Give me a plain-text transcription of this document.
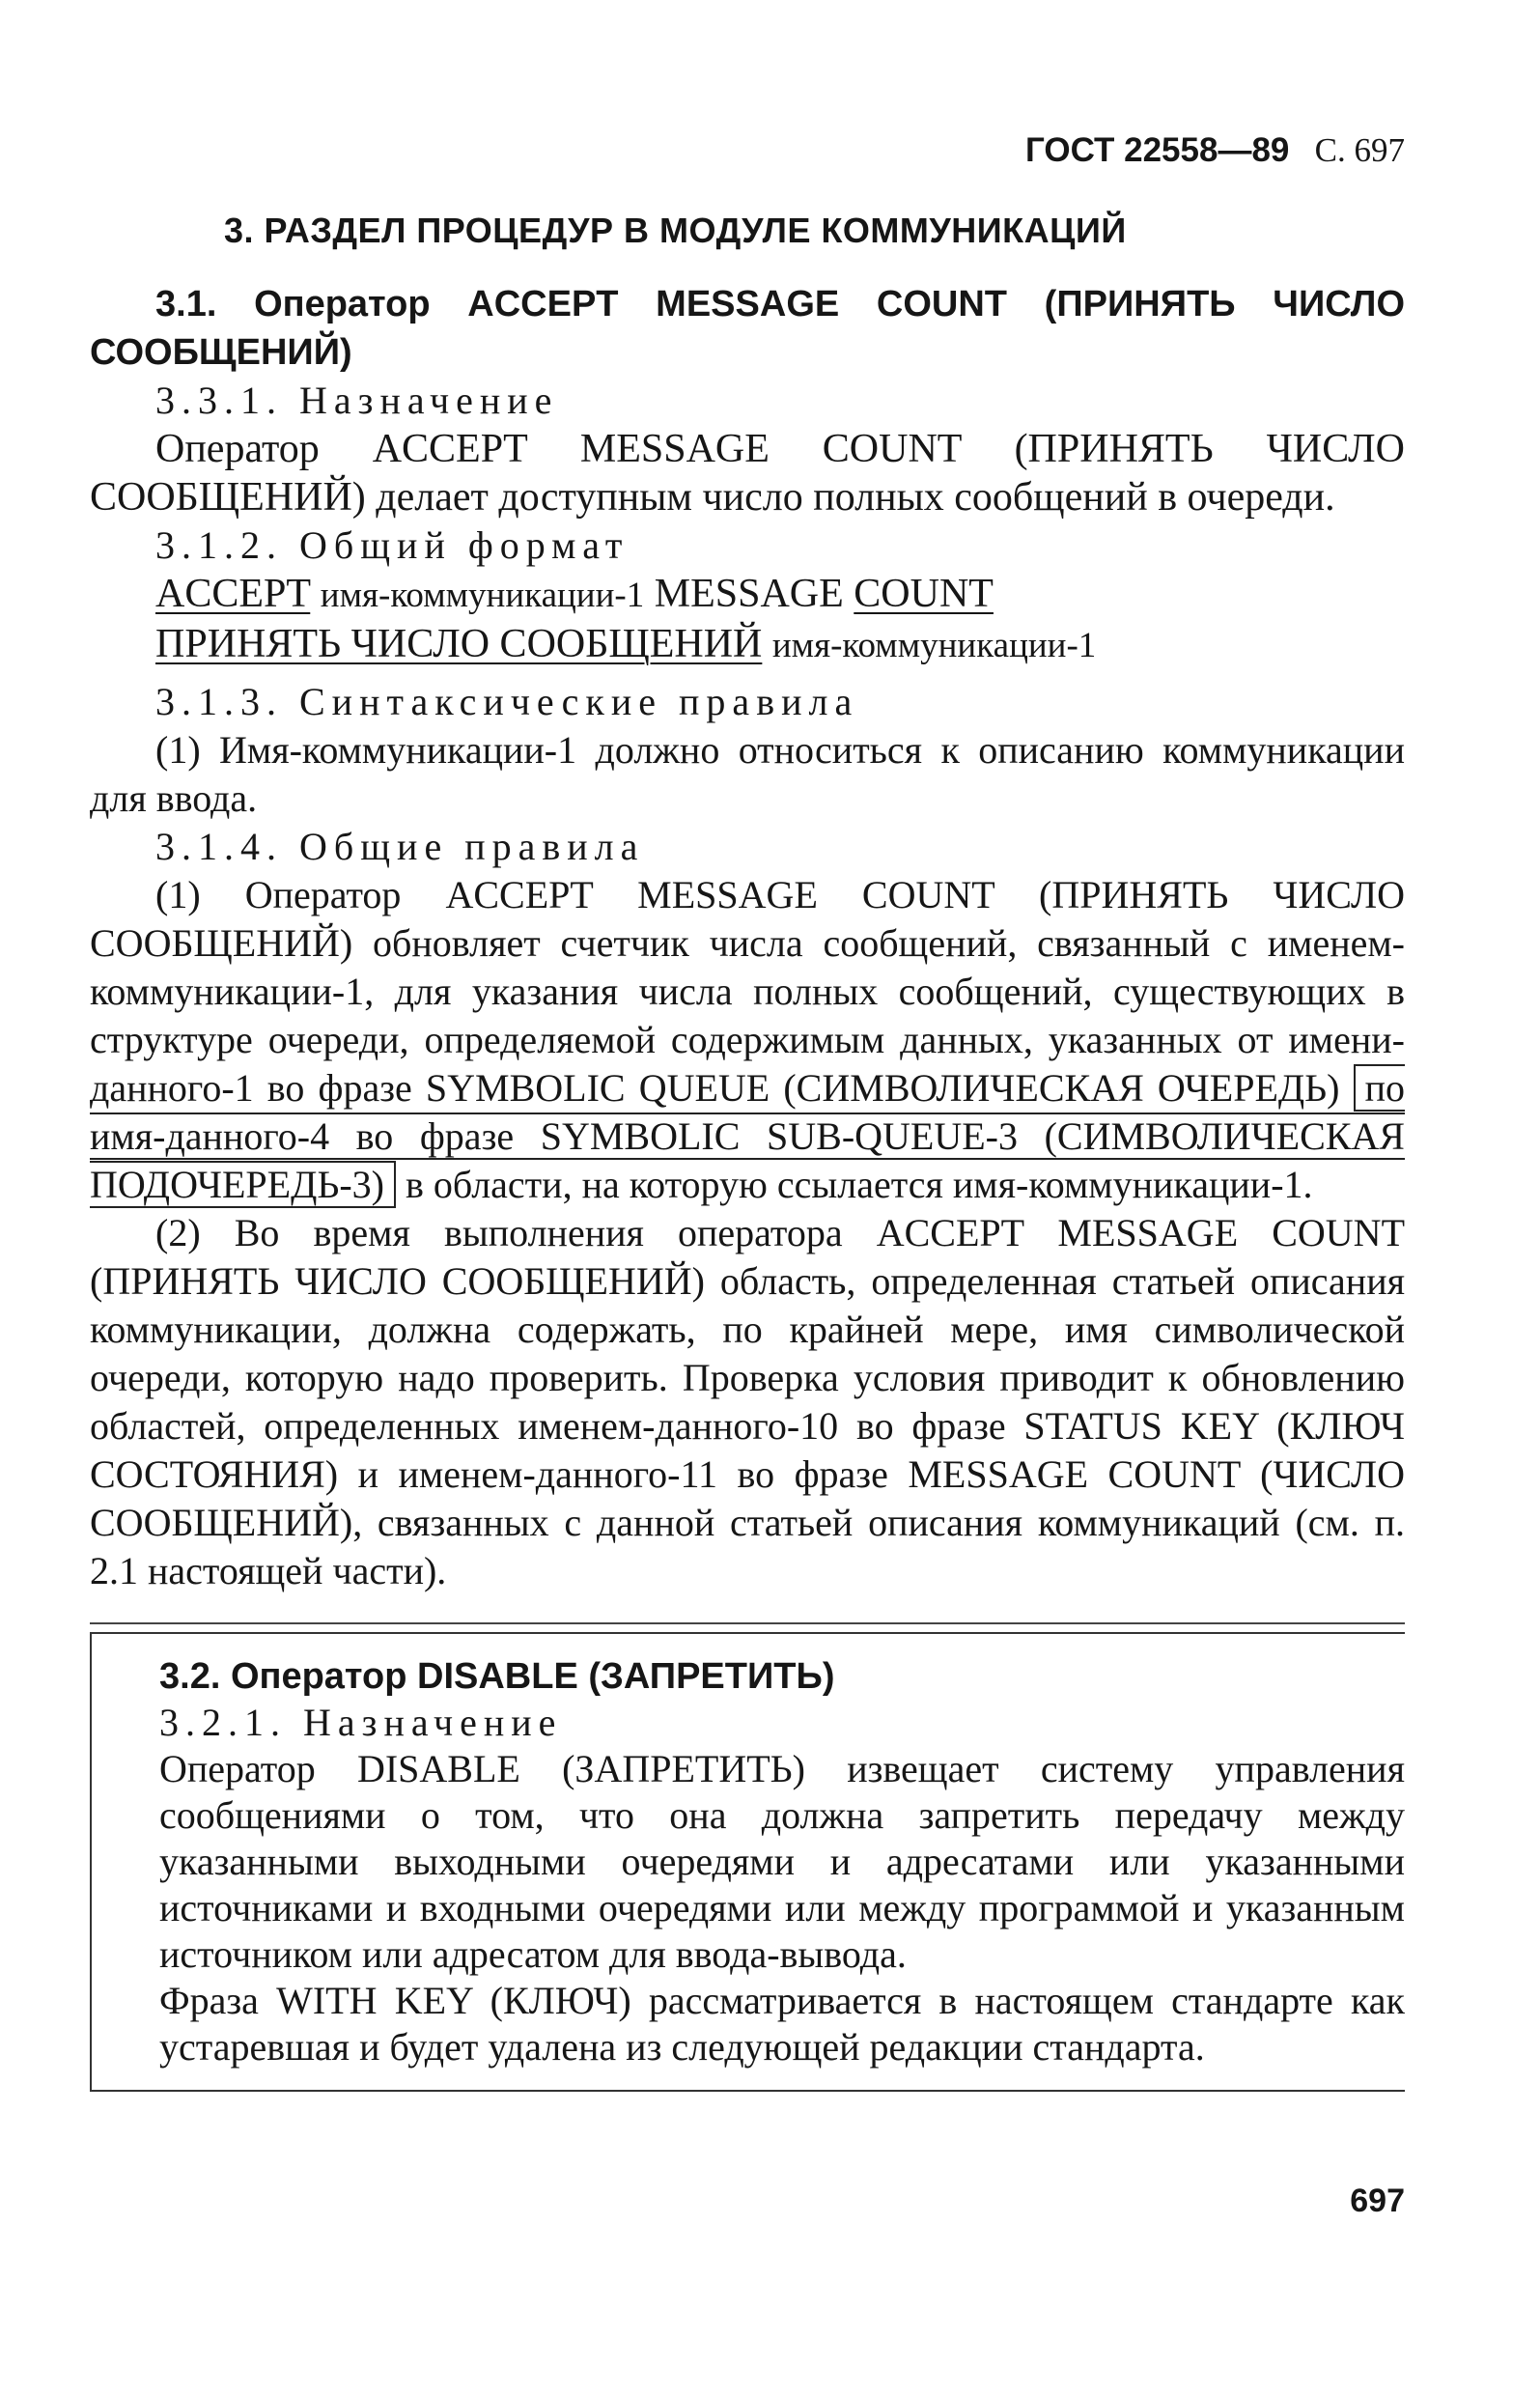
ГОСТ 22558—89 С. 697
3. РАЗДЕЛ ПРОЦЕДУР В МОДУЛЕ КОММУНИКАЦИЙ

3.1. Оператор ACCEPT MESSAGE COUNT (ПРИНЯТЬ ЧИСЛО СООБЩЕНИЙ)

3.3.1. Назначение

Оператор ACCEPT MESSAGE COUNT (ПРИНЯТЬ ЧИСЛО СООБЩЕНИЙ) делает доступным число полных сообщений в очереди.

3.1.2. Общий формат

ACCEPT имя-коммуникации-1 MESSAGE COUNT

ПРИНЯТЬ ЧИСЛО СООБЩЕНИЙ имя-коммуникации-1

3.1.3. Синтаксические правила

(1) Имя-коммуникации-1 должно относиться к описанию коммуникации для ввода.

3.1.4. Общие правила

(1) Оператор ACCEPT MESSAGE COUNT (ПРИНЯТЬ ЧИСЛО СООБЩЕНИЙ) обновляет счетчик числа сообщений, связанный с именем-коммуникации-1, для указания числа полных сообщений, существующих в структуре очереди, определяемой содержимым данных, указанных от имени-данного-1 во фразе SYMBOLIC QUEUE (СИМВОЛИЧЕСКАЯ ОЧЕРЕДЬ) по имя-данного-4 во фразе SYMBOLIC SUB-QUEUE-3 (СИМВОЛИЧЕСКАЯ ПОДОЧЕРЕДЬ-3) в области, на которую ссылается имя-коммуникации-1.

(2) Во время выполнения оператора ACCEPT MESSAGE COUNT (ПРИНЯТЬ ЧИСЛО СООБЩЕНИЙ) область, определенная статьей описания коммуникации, должна содержать, по крайней мере, имя символической очереди, которую надо проверить. Проверка условия приводит к обновлению областей, определенных именем-данного-10 во фразе STATUS KEY (КЛЮЧ СОСТОЯНИЯ) и именем-данного-11 во фразе MESSAGE COUNT (ЧИСЛО СООБЩЕНИЙ), связанных с данной статьей описания коммуникаций (см. п. 2.1 настоящей части).

3.2. Оператор DISABLE (ЗАПРЕТИТЬ)

3.2.1. Назначение

Оператор DISABLE (ЗАПРЕТИТЬ) извещает систему управления сообщениями о том, что она должна запретить передачу между указанными выходными очередями и адресатами или указанными источниками и входными очередями или между программой и указанным источником или адресатом для ввода-вывода.

Фраза WITH KEY (КЛЮЧ) рассматривается в настоящем стандарте как устаревшая и будет удалена из следующей редакции стандарта.

697
